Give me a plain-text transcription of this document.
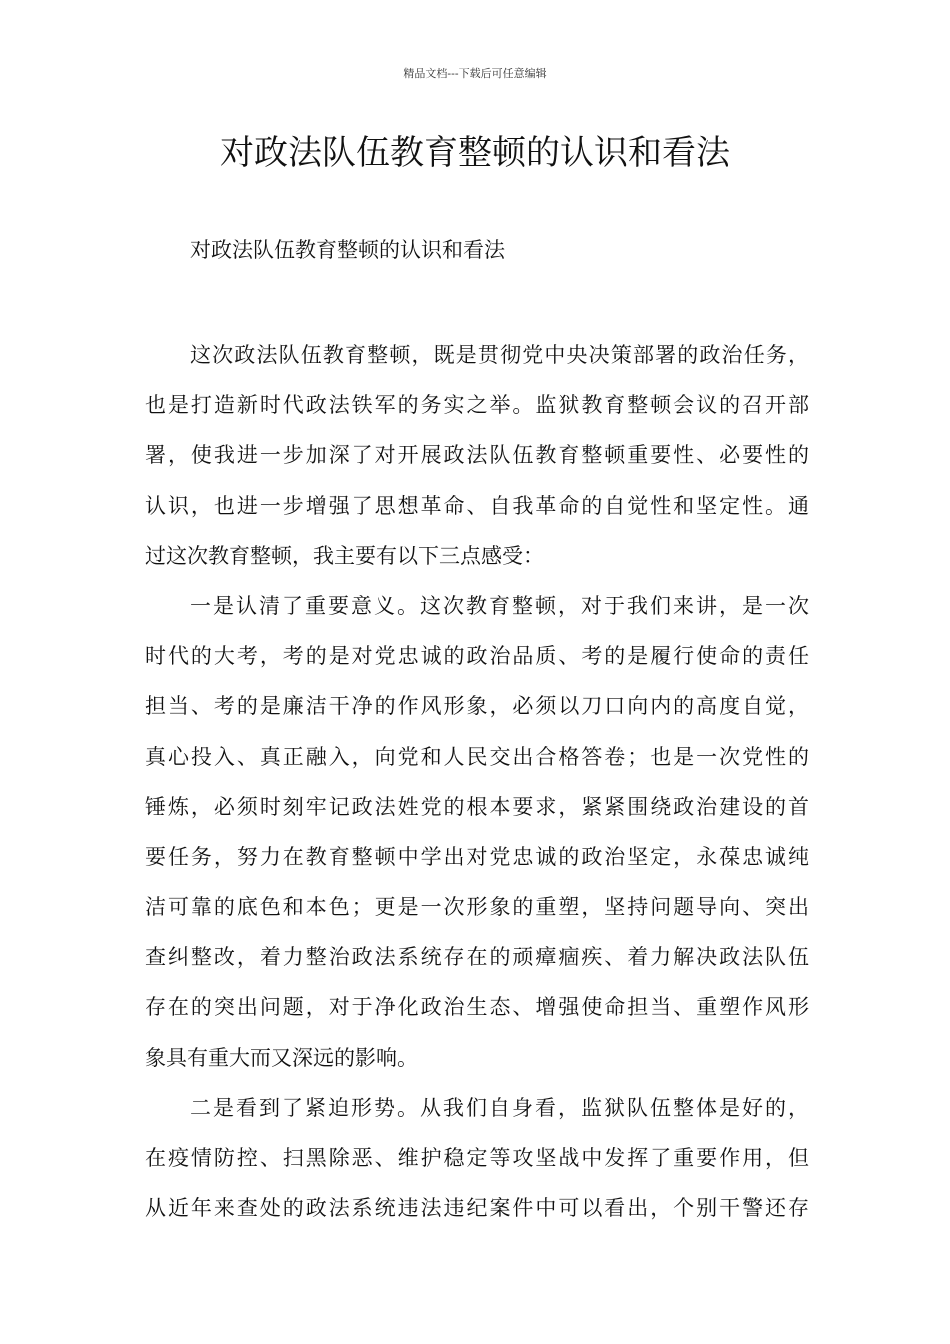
精品文档---下载后可任意编辑
对政法队伍教育整顿的认识和看法

对政法队伍教育整顿的认识和看法

这次政法队伍教育整顿，既是贯彻党中央决策部署的政治任务，
也是打造新时代政法铁军的务实之举。监狱教育整顿会议的召开部
署，使我进一步加深了对开展政法队伍教育整顿重要性、必要性的
认识，也进一步增强了思想革命、自我革命的自觉性和坚定性。通
过这次教育整顿，我主要有以下三点感受：
一是认清了重要意义。这次教育整顿，对于我们来讲，是一次
时代的大考，考的是对党忠诚的政治品质、考的是履行使命的责任
担当、考的是廉洁干净的作风形象，必须以刀口向内的高度自觉，
真心投入、真正融入，向党和人民交出合格答卷；也是一次党性的
锤炼，必须时刻牢记政法姓党的根本要求，紧紧围绕政治建设的首
要任务，努力在教育整顿中学出对党忠诚的政治坚定，永葆忠诚纯
洁可靠的底色和本色；更是一次形象的重塑，坚持问题导向、突出
查纠整改，着力整治政法系统存在的顽瘴痼疾、着力解决政法队伍
存在的突出问题，对于净化政治生态、增强使命担当、重塑作风形
象具有重大而又深远的影响。
二是看到了紧迫形势。从我们自身看，监狱队伍整体是好的，
在疫情防控、扫黑除恶、维护稳定等攻坚战中发挥了重要作用，但
从近年来查处的政法系统违法违纪案件中可以看出，个别干警还存
